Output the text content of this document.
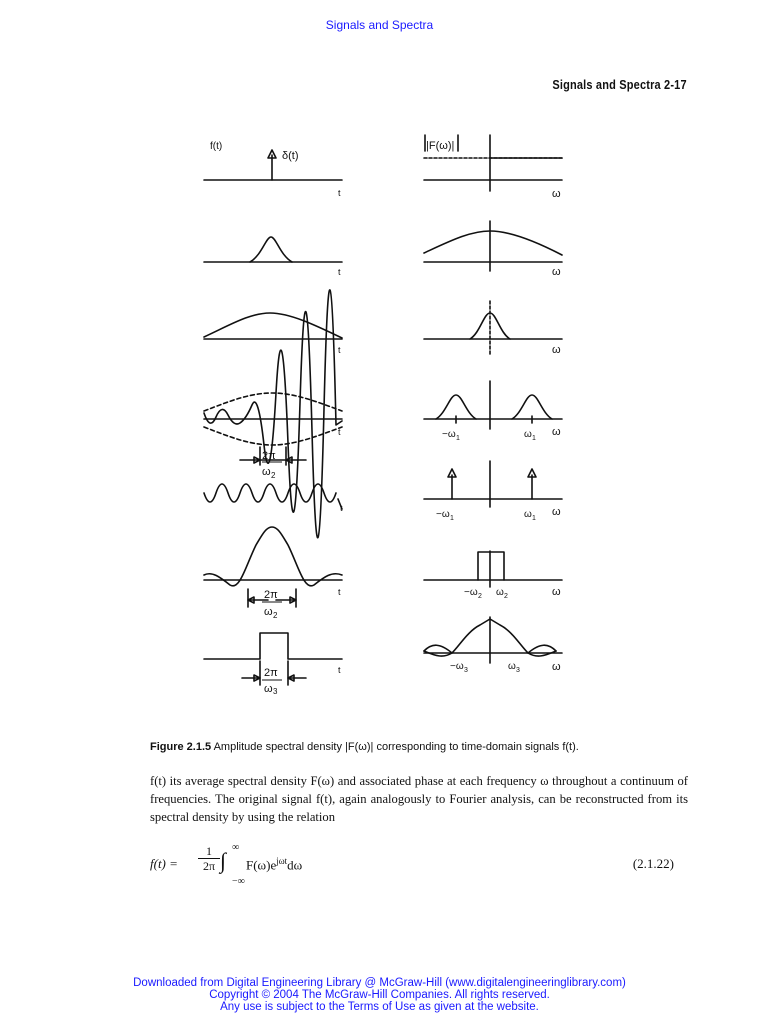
Signals and Spectra
Signals and Spectra 2-17
f(t)
δ(t)
|F(ω)|
t
t
t
t
t
t
t
ω
ω
ω
ω
ω
ω
ω
2π
ω 2
−ω 1	ω 1
−ω 1	ω 1
2π
ω 2
−ω 2 ω 2
2π
ω 3
−ω 3	ω 3
Figure 2.1.5 Amplitude spectral density |F(ω)| corresponding to time-domain signals f(t).
f(t) its average spectral density F(ω) and associated phase at each frequency ω throughout a continuum of frequencies. The original signal f(t), again analogously to Fourier analysis, can be reconstructed from its spectral density by using the relation
$f(t) = \frac{1}{2\pi}$ ∫
∞
−∞
$F(\omega)e^{j\omega t}d\omega$	(2.1.22)
Downloaded from Digital Engineering Library @ McGraw-Hill (www.digitalengineeringlibrary.com)
Copyright © 2004 The McGraw-Hill Companies. All rights reserved.
Any use is subject to the Terms of Use as given at the website.
